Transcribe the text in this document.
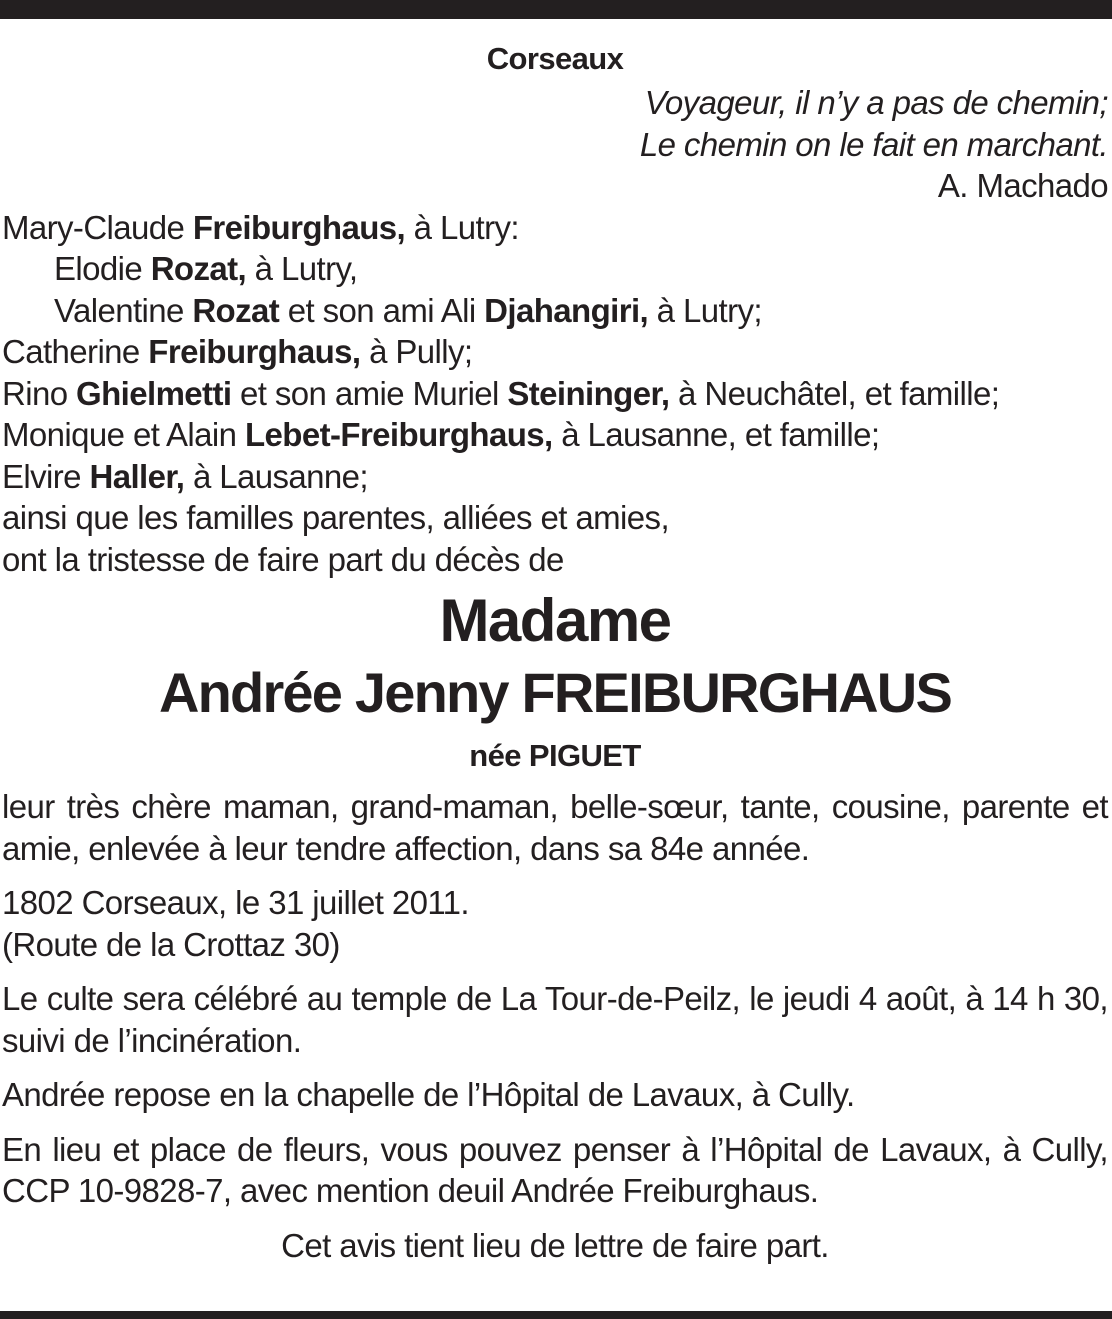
Corseaux
Voyageur, il n’y a pas de chemin;
Le chemin on le fait en marchant.
A. Machado
Mary-Claude Freiburghaus, à Lutry:
Elodie Rozat, à Lutry,
Valentine Rozat et son ami Ali Djahangiri, à Lutry;
Catherine Freiburghaus, à Pully;
Rino Ghielmetti et son amie Muriel Steininger, à Neuchâtel, et famille;
Monique et Alain Lebet-Freiburghaus, à Lausanne, et famille;
Elvire Haller, à Lausanne;
ainsi que les familles parentes, alliées et amies,
ont la tristesse de faire part du décès de
Madame
Andrée Jenny FREIBURGHAUS
née PIGUET
leur très chère maman, grand-maman, belle-sœur, tante, cousine, parente et amie, enlevée à leur tendre affection, dans sa 84e année.
1802 Corseaux, le 31 juillet 2011.
(Route de la Crottaz 30)
Le culte sera célébré au temple de La Tour-de-Peilz, le jeudi 4 août, à 14 h 30, suivi de l’incinération.
Andrée repose en la chapelle de l’Hôpital de Lavaux, à Cully.
En lieu et place de fleurs, vous pouvez penser à l’Hôpital de Lavaux, à Cully, CCP 10-9828-7, avec mention deuil Andrée Freiburghaus.
Cet avis tient lieu de lettre de faire part.
